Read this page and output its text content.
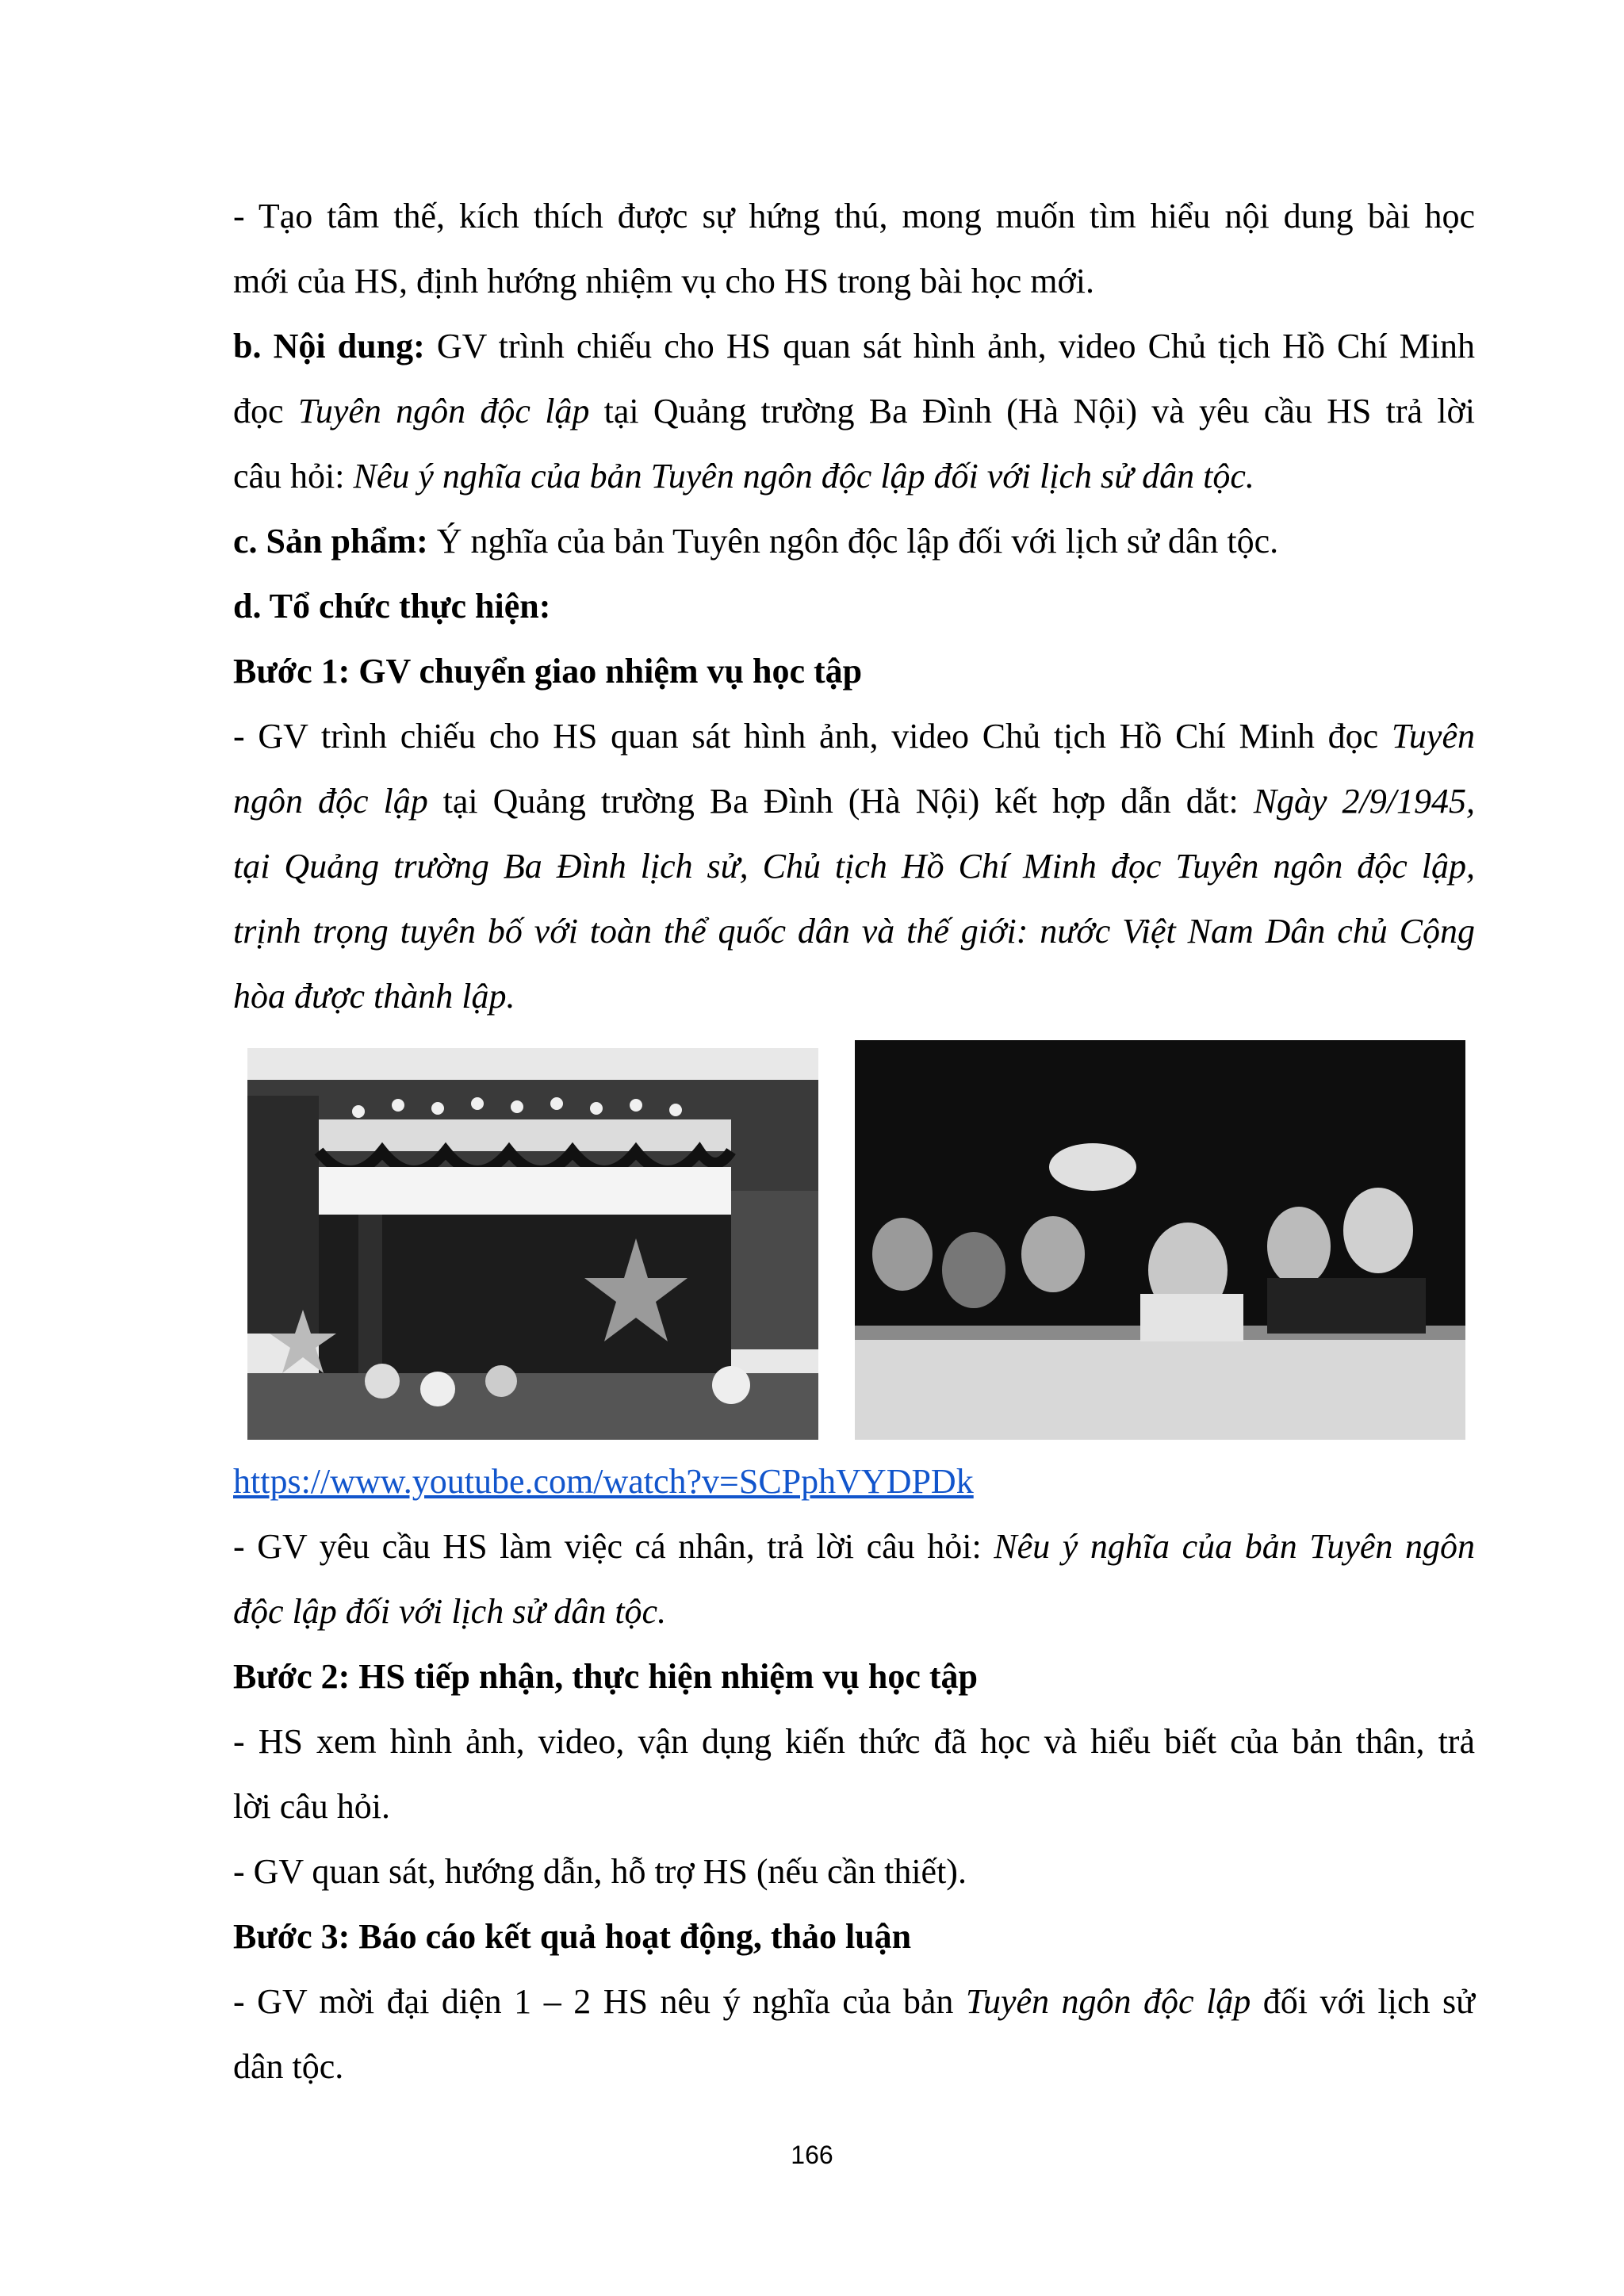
- Tạo tâm thế, kích thích được sự hứng thú, mong muốn tìm hiểu nội dung bài học
mới của HS, định hướng nhiệm vụ cho HS trong bài học mới.
b. Nội dung: GV trình chiếu cho HS quan sát hình ảnh, video Chủ tịch Hồ Chí Minh
đọc Tuyên ngôn độc lập tại Quảng trường Ba Đình (Hà Nội) và yêu cầu HS trả lời
câu hỏi: Nêu ý nghĩa của bản Tuyên ngôn độc lập đối với lịch sử dân tộc.
c. Sản phẩm: Ý nghĩa của bản Tuyên ngôn độc lập đối với lịch sử dân tộc.
d. Tổ chức thực hiện:
Bước 1: GV chuyển giao nhiệm vụ học tập
- GV trình chiếu cho HS quan sát hình ảnh, video Chủ tịch Hồ Chí Minh đọc Tuyên
ngôn độc lập tại Quảng trường Ba Đình (Hà Nội) kết hợp dẫn dắt: Ngày 2/9/1945,
tại Quảng trường Ba Đình lịch sử, Chủ tịch Hồ Chí Minh đọc Tuyên ngôn độc lập,
trịnh trọng tuyên bố với toàn thể quốc dân và thế giới: nước Việt Nam Dân chủ Cộng
hòa được thành lập.
https://www.youtube.com/watch?v=SCPphVYDPDk
- GV yêu cầu HS làm việc cá nhân, trả lời câu hỏi: Nêu ý nghĩa của bản Tuyên ngôn
độc lập đối với lịch sử dân tộc.
Bước 2: HS tiếp nhận, thực hiện nhiệm vụ học tập
- HS xem hình ảnh, video, vận dụng kiến thức đã học và hiểu biết của bản thân, trả
lời câu hỏi.
- GV quan sát, hướng dẫn, hỗ trợ HS (nếu cần thiết).
Bước 3: Báo cáo kết quả hoạt động, thảo luận
- GV mời đại diện 1 – 2 HS nêu ý nghĩa của bản Tuyên ngôn độc lập đối với lịch sử
dân tộc.
166
